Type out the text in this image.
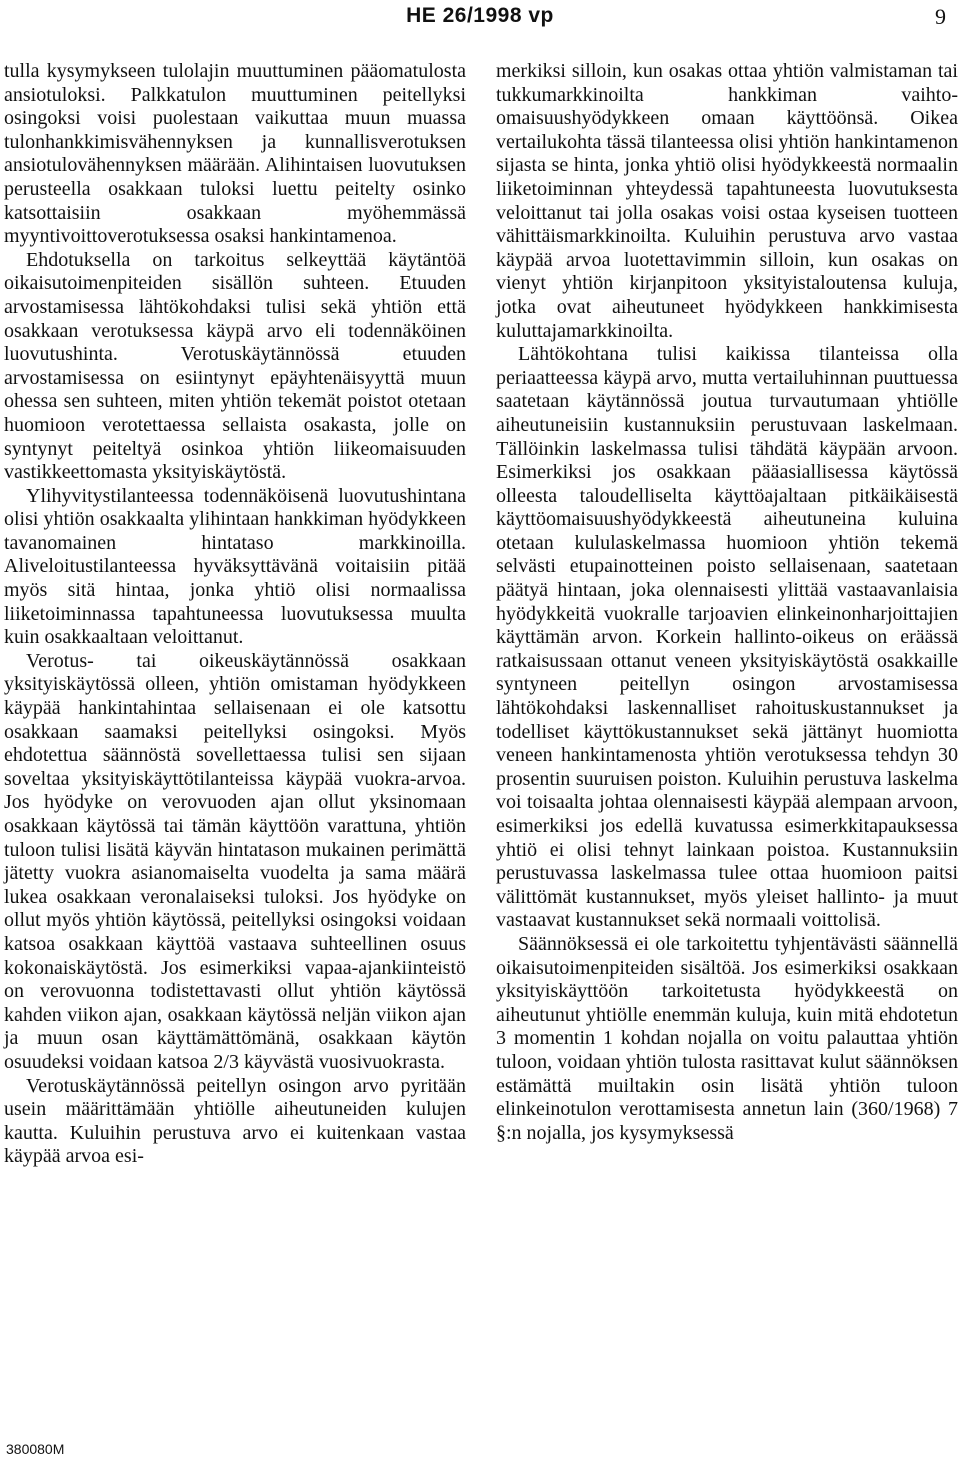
HE 26/1998 vp	9

tulla kysymykseen tulolajin muuttuminen pääomatulosta ansiotuloksi. Palkkatulon muuttuminen peitellyksi osingoksi voisi puolestaan vaikuttaa muun muassa tulonhankkimisvähennyksen ja kunnallisverotuksen ansiotulovähennyksen määrään. Alihintaisen luovutuksen perusteella osakkaan tuloksi luettu peitelty osinko katsottaisiin osakkaan myöhemmässä myyntivoittoverotuksessa osaksi hankintamenoa.

Ehdotuksella on tarkoitus selkeyttää käytäntöä oikaisutoimenpiteiden sisällön suhteen. Etuuden arvostamisessa lähtökohdaksi tulisi sekä yhtiön että osakkaan verotuksessa käypä arvo eli todennäköinen luovutushinta. Verotuskäytännössä etuuden arvostamisessa on esiintynyt epäyhtenäisyyttä muun ohessa sen suhteen, miten yhtiön tekemät poistot otetaan huomioon verotettaessa sellaista osakasta, jolle on syntynyt peiteltyä osinkoa yhtiön liikeomaisuuden vastikkeettomasta yksityiskäytöstä.

Ylihyvitystilanteessa todennäköisenä luovutushintana olisi yhtiön osakkaalta ylihintaan hankkiman hyödykkeen tavanomainen hintataso markkinoilla. Aliveloitustilanteessa hyväksyttävänä voitaisiin pitää myös sitä hintaa, jonka yhtiö olisi normaalissa liiketoiminnassa tapahtuneessa luovutuksessa muulta kuin osakkaaltaan veloittanut.

Verotus- tai oikeuskäytännössä osakkaan yksityiskäytössä olleen, yhtiön omistaman hyödykkeen käypää hankintahintaa sellaisenaan ei ole katsottu osakkaan saamaksi peitellyksi osingoksi. Myös ehdotettua säännöstä sovellettaessa tulisi sen sijaan soveltaa yksityiskäyttötilanteissa käypää vuokra-arvoa. Jos hyödyke on verovuoden ajan ollut yksinomaan osakkaan käytössä tai tämän käyttöön varattuna, yhtiön tuloon tulisi lisätä käyvän hintatason mukainen perimättä jätetty vuokra asianomaiselta vuodelta ja sama määrä lukea osakkaan veronalaiseksi tuloksi. Jos hyödyke on ollut myös yhtiön käytössä, peitellyksi osingoksi voidaan katsoa osakkaan käyttöä vastaava suhteellinen osuus kokonaiskäytöstä. Jos esimerkiksi vapaa-ajankiinteistö on verovuonna todistettavasti ollut yhtiön käytössä kahden viikon ajan, osakkaan käytössä neljän viikon ajan ja muun osan käyttämättömänä, osakkaan käytön osuudeksi voidaan katsoa 2/3 käyvästä vuosivuokrasta.

Verotuskäytännössä peitellyn osingon arvo pyritään usein määrittämään yhtiölle aiheutuneiden kulujen kautta. Kuluihin perustuva arvo ei kuitenkaan vastaa käypää arvoa esi-

merkiksi silloin, kun osakas ottaa yhtiön valmistaman tai tukkumarkkinoilta hankkiman vaihto-omaisuushyödykkeen omaan käyttöönsä. Oikea vertailukohta tässä tilanteessa olisi yhtiön hankintamenon sijasta se hinta, jonka yhtiö olisi hyödykkeestä normaalin liiketoiminnan yhteydessä tapahtuneesta luovutuksesta veloittanut tai jolla osakas voisi ostaa kyseisen tuotteen vähittäismarkkinoilta. Kuluihin perustuva arvo vastaa käypää arvoa luotettavimmin silloin, kun osakas on vienyt yhtiön kirjanpitoon yksityistaloutensa kuluja, jotka ovat aiheutuneet hyödykkeen hankkimisesta kuluttajamarkkinoilta.

Lähtökohtana tulisi kaikissa tilanteissa olla periaatteessa käypä arvo, mutta vertailuhinnan puuttuessa saatetaan käytännössä joutua turvautumaan yhtiölle aiheutuneisiin kustannuksiin perustuvaan laskelmaan. Tällöinkin laskelmassa tulisi tähdätä käypään arvoon. Esimerkiksi jos osakkaan pääasiallisessa käytössä olleesta taloudelliselta käyttöajaltaan pitkäikäisestä käyttöomaisuushyödykkeestä aiheutuneina kuluina otetaan kululaskelmassa huomioon yhtiön tekemä selvästi etupainotteinen poisto sellaisenaan, saatetaan päätyä hintaan, joka olennaisesti ylittää vastaavanlaisia hyödykkeitä vuokralle tarjoavien elinkeinonharjoittajien käyttämän arvon. Korkein hallinto-oikeus on eräässä ratkaisussaan ottanut veneen yksityiskäytöstä osakkaille syntyneen peitellyn osingon arvostamisessa lähtökohdaksi laskennalliset rahoituskustannukset ja todelliset käyttökustannukset sekä jättänyt huomiotta veneen hankintamenosta yhtiön verotuksessa tehdyn 30 prosentin suuruisen poiston. Kuluihin perustuva laskelma voi toisaalta johtaa olennaisesti käypää alempaan arvoon, esimerkiksi jos edellä kuvatussa esimerkkitapauksessa yhtiö ei olisi tehnyt lainkaan poistoa. Kustannuksiin perustuvassa laskelmassa tulee ottaa huomioon paitsi välittömät kustannukset, myös yleiset hallinto- ja muut vastaavat kustannukset sekä normaali voittolisä.

Säännöksessä ei ole tarkoitettu tyhjentävästi säännellä oikaisutoimenpiteiden sisältöä. Jos esimerkiksi osakkaan yksityiskäyttöön tarkoitetusta hyödykkeestä on aiheutunut yhtiölle enemmän kuluja, kuin mitä ehdotetun 3 momentin 1 kohdan nojalla on voitu palauttaa yhtiön tuloon, voidaan yhtiön tulosta rasittavat kulut säännöksen estämättä muiltakin osin lisätä yhtiön tuloon elinkeinotulon verottamisesta annetun lain (360/1968) 7 §:n nojalla, jos kysymyksessä

380080M
